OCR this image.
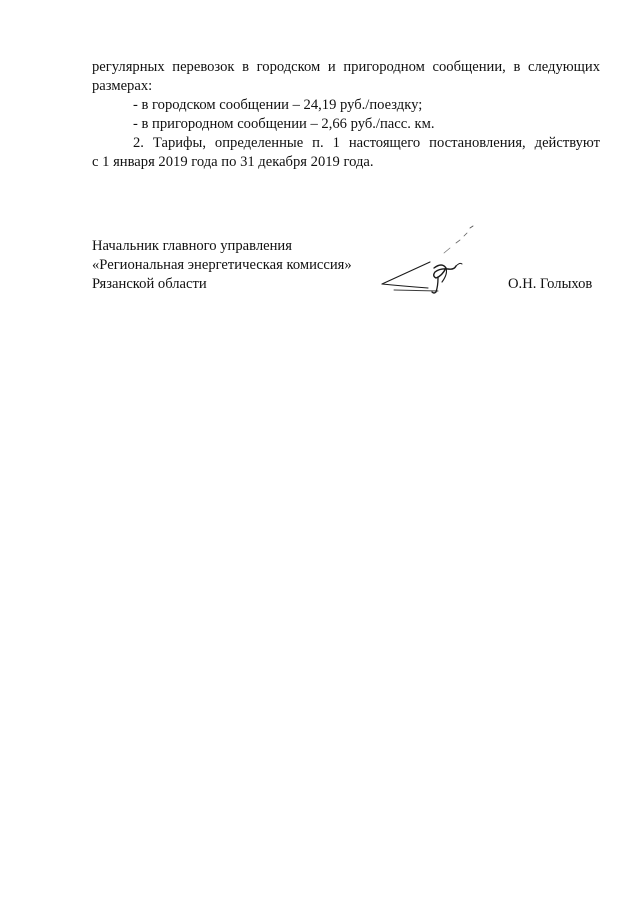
регулярных перевозок в городском и пригородном сообщении, в следующих

размерах:

- в городском сообщении – 24,19 руб./поездку;

- в пригородном сообщении – 2,66 руб./пасс. км.

2. Тарифы, определенные п. 1 настоящего постановления, действуют

с 1 января 2019 года по 31 декабря 2019 года.

Начальник главного управления

«Региональная энергетическая комиссия»

Рязанской области	О.Н. Голыхов
